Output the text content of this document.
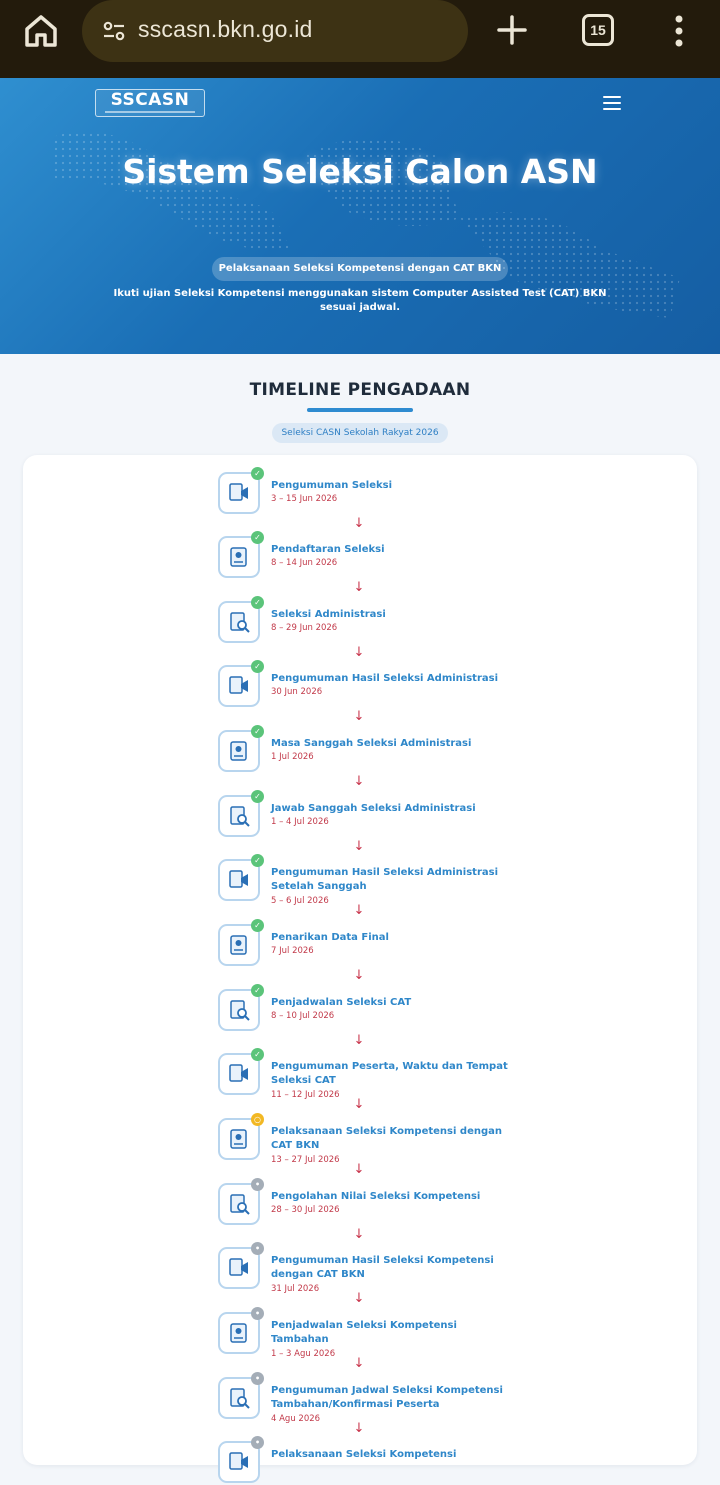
sscasn.bkn.go.id	15
SSCASN
Sistem Seleksi Calon ASN
Pelaksanaan Seleksi Kompetensi dengan CAT BKN
Ikuti ujian Seleksi Kompetensi menggunakan sistem Computer Assisted Test (CAT) BKN sesuai jadwal.
TIMELINE PENGADAAN
Seleksi CASN Sekolah Rakyat 2026
✓
Pengumuman Seleksi
3 – 15 Jun 2026
↓
✓
Pendaftaran Seleksi
8 – 14 Jun 2026
↓
✓
Seleksi Administrasi
8 – 29 Jun 2026
↓
✓
Pengumuman Hasil Seleksi Administrasi
30 Jun 2026
↓
✓
Masa Sanggah Seleksi Administrasi
1 Jul 2026
↓
✓
Jawab Sanggah Seleksi Administrasi
1 – 4 Jul 2026
↓
✓
Pengumuman Hasil Seleksi Administrasi Setelah Sanggah
5 – 6 Jul 2026
↓
✓
Penarikan Data Final
7 Jul 2026
↓
✓
Penjadwalan Seleksi CAT
8 – 10 Jul 2026
↓
✓
Pengumuman Peserta, Waktu dan Tempat Seleksi CAT
11 – 12 Jul 2026
↓
○
Pelaksanaan Seleksi Kompetensi dengan CAT BKN
13 – 27 Jul 2026
↓
•
Pengolahan Nilai Seleksi Kompetensi
28 – 30 Jul 2026
↓
•
Pengumuman Hasil Seleksi Kompetensi dengan CAT BKN
31 Jul 2026
↓
•
Penjadwalan Seleksi Kompetensi Tambahan
1 – 3 Agu 2026
↓
•
Pengumuman Jadwal Seleksi Kompetensi Tambahan/Konfirmasi Peserta
4 Agu 2026
↓
•
Pelaksanaan Seleksi Kompetensi
